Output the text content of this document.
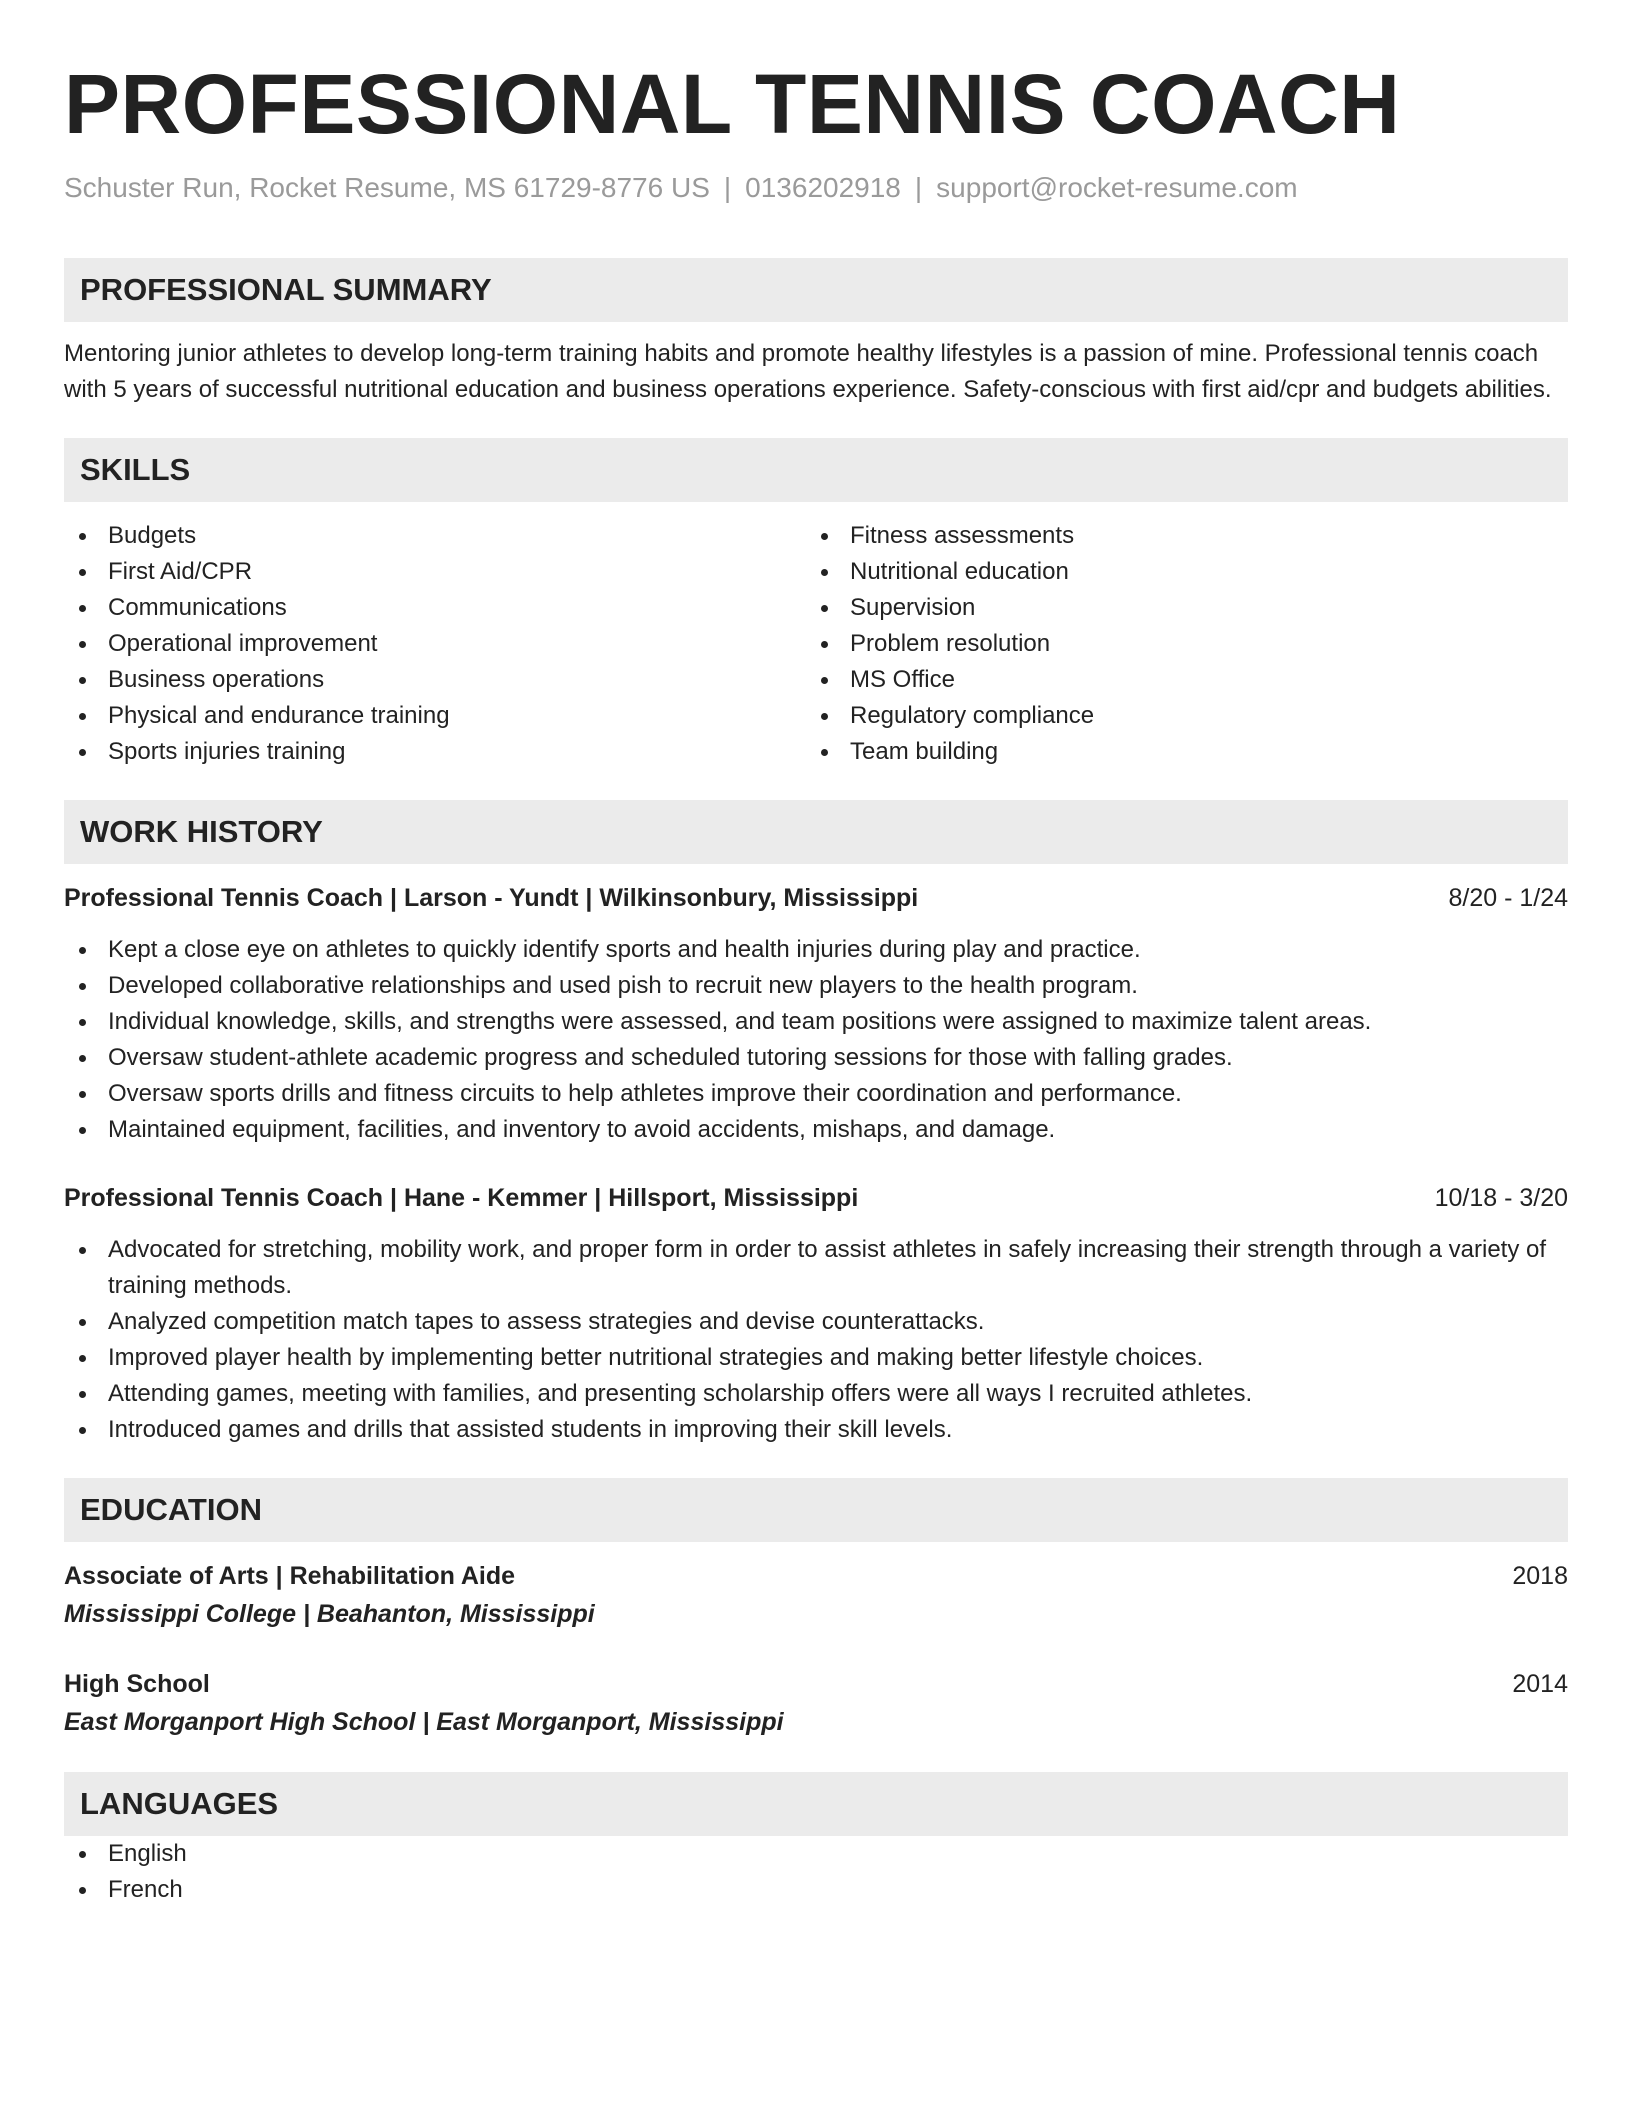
PROFESSIONAL TENNIS COACH
Schuster Run, Rocket Resume, MS 61729-8776 US | 0136202918 | support@rocket-resume.com
PROFESSIONAL SUMMARY

Mentoring junior athletes to develop long-term training habits and promote healthy lifestyles is a passion of mine. Professional tennis coach with 5 years of successful nutritional education and business operations experience. Safety-conscious with first aid/cpr and budgets abilities.

SKILLS
Budgets
First Aid/CPR
Communications
Operational improvement
Business operations
Physical and endurance training
Sports injuries training
Fitness assessments
Nutritional education
Supervision
Problem resolution
MS Office
Regulatory compliance
Team building
WORK HISTORY
Professional Tennis Coach | Larson - Yundt | Wilkinsonbury, Mississippi	8/20 - 1/24
Kept a close eye on athletes to quickly identify sports and health injuries during play and practice.
Developed collaborative relationships and used pish to recruit new players to the health program.
Individual knowledge, skills, and strengths were assessed, and team positions were assigned to maximize talent areas.
Oversaw student-athlete academic progress and scheduled tutoring sessions for those with falling grades.
Oversaw sports drills and fitness circuits to help athletes improve their coordination and performance.
Maintained equipment, facilities, and inventory to avoid accidents, mishaps, and damage.
Professional Tennis Coach | Hane - Kemmer | Hillsport, Mississippi	10/18 - 3/20
Advocated for stretching, mobility work, and proper form in order to assist athletes in safely increasing their strength through a variety of training methods.
Analyzed competition match tapes to assess strategies and devise counterattacks.
Improved player health by implementing better nutritional strategies and making better lifestyle choices.
Attending games, meeting with families, and presenting scholarship offers were all ways I recruited athletes.
Introduced games and drills that assisted students in improving their skill levels.
EDUCATION
Associate of Arts | Rehabilitation Aide	2018
Mississippi College | Beahanton, Mississippi
High School	2014
East Morganport High School | East Morganport, Mississippi
LANGUAGES
English
French
